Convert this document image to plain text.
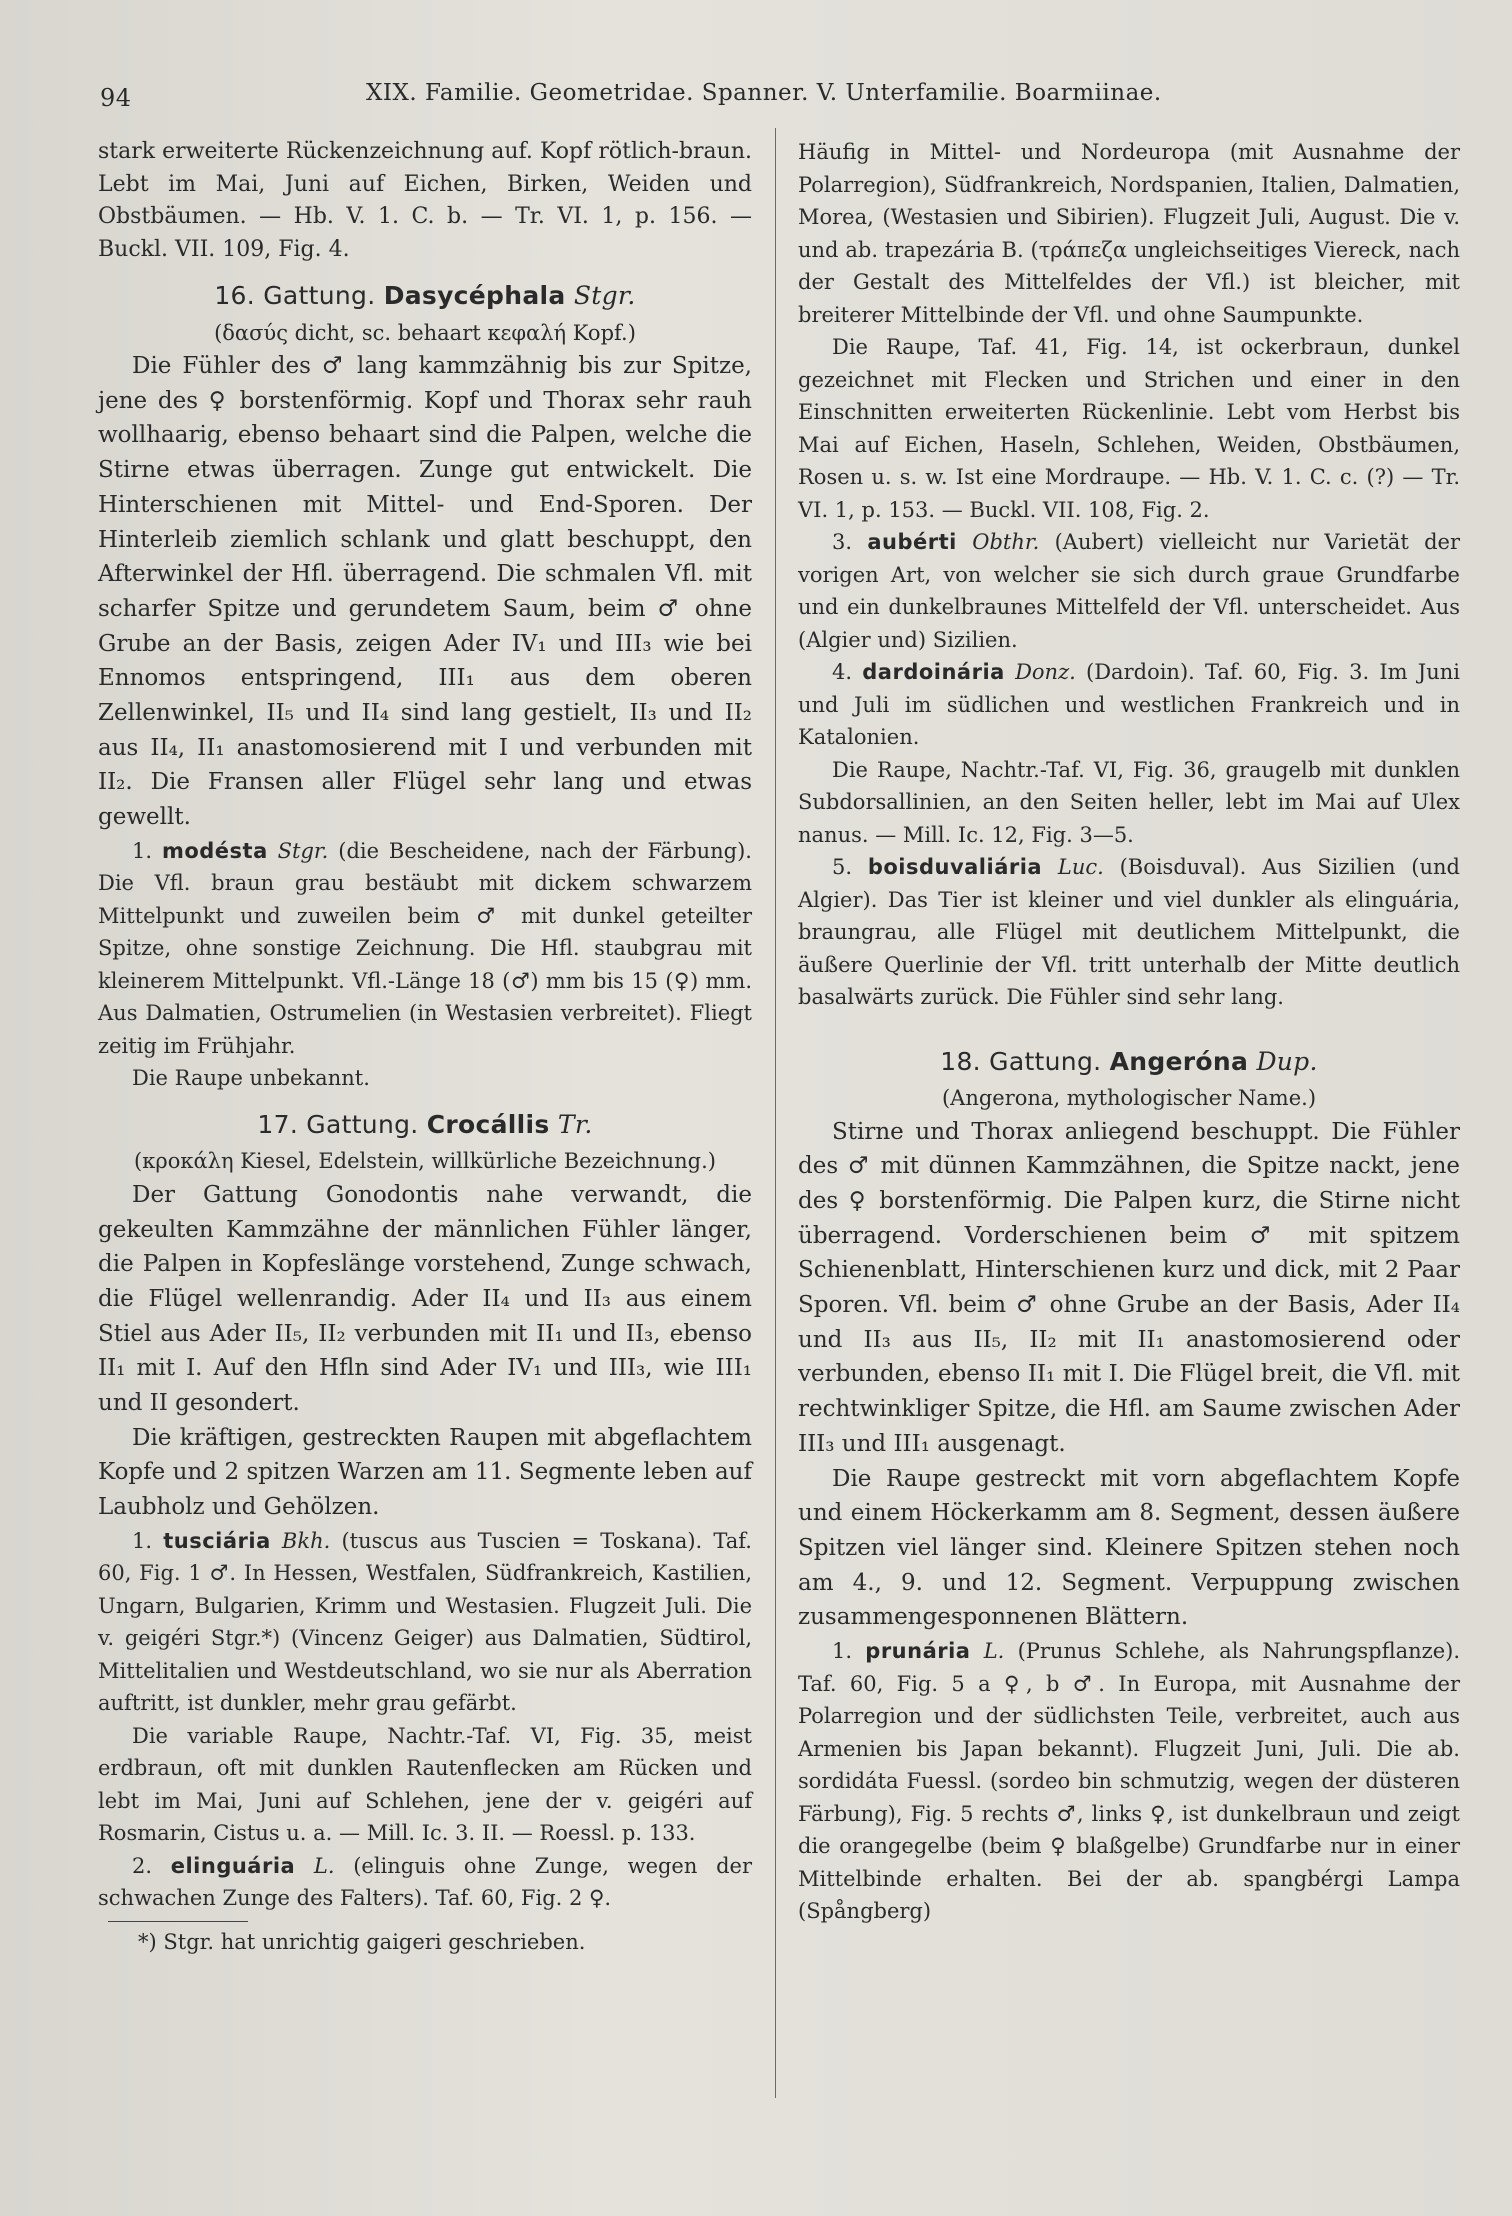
94	XIX. Familie. Geometridae. Spanner. V. Unterfamilie. Boarmiinae.

stark erweiterte Rückenzeichnung auf. Kopf rötlich-braun. Lebt im Mai, Juni auf Eichen, Birken, Weiden und Obstbäumen. — Hb. V. 1. C. b. — Tr. VI. 1, p. 156. — Buckl. VII. 109, Fig. 4.

16. Gattung. Dasycéphala Stgr.

(δασύς dicht, sc. behaart κεφαλή Kopf.)

Die Fühler des ♂ lang kammzähnig bis zur Spitze, jene des ♀ borstenförmig. Kopf und Thorax sehr rauh wollhaarig, ebenso behaart sind die Palpen, welche die Stirne etwas überragen. Zunge gut entwickelt. Die Hinterschienen mit Mittel- und End-Sporen. Der Hinterleib ziemlich schlank und glatt beschuppt, den Afterwinkel der Hfl. überragend. Die schmalen Vfl. mit scharfer Spitze und gerundetem Saum, beim ♂ ohne Grube an der Basis, zeigen Ader IV₁ und III₃ wie bei Ennomos entspringend, III₁ aus dem oberen Zellenwinkel, II₅ und II₄ sind lang gestielt, II₃ und II₂ aus II₄, II₁ anastomosierend mit I und verbunden mit II₂. Die Fransen aller Flügel sehr lang und etwas gewellt.

1. modésta Stgr. (die Bescheidene, nach der Färbung). Die Vfl. braun grau bestäubt mit dickem schwarzem Mittelpunkt und zuweilen beim ♂ mit dunkel geteilter Spitze, ohne sonstige Zeichnung. Die Hfl. staubgrau mit kleinerem Mittelpunkt. Vfl.-Länge 18 (♂) mm bis 15 (♀) mm. Aus Dalmatien, Ostrumelien (in Westasien verbreitet). Fliegt zeitig im Frühjahr.

Die Raupe unbekannt.

17. Gattung. Crocállis Tr.

(κροκάλη Kiesel, Edelstein, willkürliche Bezeichnung.)

Der Gattung Gonodontis nahe verwandt, die gekeulten Kammzähne der männlichen Fühler länger, die Palpen in Kopfeslänge vorstehend, Zunge schwach, die Flügel wellenrandig. Ader II₄ und II₃ aus einem Stiel aus Ader II₅, II₂ verbunden mit II₁ und II₃, ebenso II₁ mit I. Auf den Hfln sind Ader IV₁ und III₃, wie III₁ und II gesondert.

Die kräftigen, gestreckten Raupen mit abgeflachtem Kopfe und 2 spitzen Warzen am 11. Segmente leben auf Laubholz und Gehölzen.

1. tusciária Bkh. (tuscus aus Tuscien = Toskana). Taf. 60, Fig. 1 ♂. In Hessen, Westfalen, Südfrankreich, Kastilien, Ungarn, Bulgarien, Krimm und Westasien. Flugzeit Juli. Die v. geigéri Stgr.*) (Vincenz Geiger) aus Dalmatien, Südtirol, Mittelitalien und Westdeutschland, wo sie nur als Aberration auftritt, ist dunkler, mehr grau gefärbt.

Die variable Raupe, Nachtr.-Taf. VI, Fig. 35, meist erdbraun, oft mit dunklen Rautenflecken am Rücken und lebt im Mai, Juni auf Schlehen, jene der v. geigéri auf Rosmarin, Cistus u. a. — Mill. Ic. 3. II. — Roessl. p. 133.

2. elinguária L. (elinguis ohne Zunge, wegen der schwachen Zunge des Falters). Taf. 60, Fig. 2 ♀.

*) Stgr. hat unrichtig gaigeri geschrieben.

Häufig in Mittel- und Nordeuropa (mit Ausnahme der Polarregion), Südfrankreich, Nordspanien, Italien, Dalmatien, Morea, (Westasien und Sibirien). Flugzeit Juli, August. Die v. und ab. trapezária B. (τράπεζα ungleichseitiges Viereck, nach der Gestalt des Mittelfeldes der Vfl.) ist bleicher, mit breiterer Mittelbinde der Vfl. und ohne Saumpunkte.

Die Raupe, Taf. 41, Fig. 14, ist ockerbraun, dunkel gezeichnet mit Flecken und Strichen und einer in den Einschnitten erweiterten Rückenlinie. Lebt vom Herbst bis Mai auf Eichen, Haseln, Schlehen, Weiden, Obstbäumen, Rosen u. s. w. Ist eine Mordraupe. — Hb. V. 1. C. c. (?) — Tr. VI. 1, p. 153. — Buckl. VII. 108, Fig. 2.

3. aubérti Obthr. (Aubert) vielleicht nur Varietät der vorigen Art, von welcher sie sich durch graue Grundfarbe und ein dunkelbraunes Mittelfeld der Vfl. unterscheidet. Aus (Algier und) Sizilien.

4. dardoinária Donz. (Dardoin). Taf. 60, Fig. 3. Im Juni und Juli im südlichen und westlichen Frankreich und in Katalonien.

Die Raupe, Nachtr.-Taf. VI, Fig. 36, graugelb mit dunklen Subdorsallinien, an den Seiten heller, lebt im Mai auf Ulex nanus. — Mill. Ic. 12, Fig. 3—5.

5. boisduvaliária Luc. (Boisduval). Aus Sizilien (und Algier). Das Tier ist kleiner und viel dunkler als elinguária, braungrau, alle Flügel mit deutlichem Mittelpunkt, die äußere Querlinie der Vfl. tritt unterhalb der Mitte deutlich basalwärts zurück. Die Fühler sind sehr lang.

18. Gattung. Angeróna Dup.

(Angerona, mythologischer Name.)

Stirne und Thorax anliegend beschuppt. Die Fühler des ♂ mit dünnen Kammzähnen, die Spitze nackt, jene des ♀ borstenförmig. Die Palpen kurz, die Stirne nicht überragend. Vorderschienen beim ♂ mit spitzem Schienenblatt, Hinterschienen kurz und dick, mit 2 Paar Sporen. Vfl. beim ♂ ohne Grube an der Basis, Ader II₄ und II₃ aus II₅, II₂ mit II₁ anastomosierend oder verbunden, ebenso II₁ mit I. Die Flügel breit, die Vfl. mit rechtwinkliger Spitze, die Hfl. am Saume zwischen Ader III₃ und III₁ ausgenagt.

Die Raupe gestreckt mit vorn abgeflachtem Kopfe und einem Höckerkamm am 8. Segment, dessen äußere Spitzen viel länger sind. Kleinere Spitzen stehen noch am 4., 9. und 12. Segment. Verpuppung zwischen zusammengesponnenen Blättern.

1. prunária L. (Prunus Schlehe, als Nahrungspflanze). Taf. 60, Fig. 5 a ♀, b ♂. In Europa, mit Ausnahme der Polarregion und der südlichsten Teile, verbreitet, auch aus Armenien bis Japan bekannt). Flugzeit Juni, Juli. Die ab. sordidáta Fuessl. (sordeo bin schmutzig, wegen der düsteren Färbung), Fig. 5 rechts ♂, links ♀, ist dunkelbraun und zeigt die orangegelbe (beim ♀ blaßgelbe) Grundfarbe nur in einer Mittelbinde erhalten. Bei der ab. spangbérgi Lampa (Spångberg)
